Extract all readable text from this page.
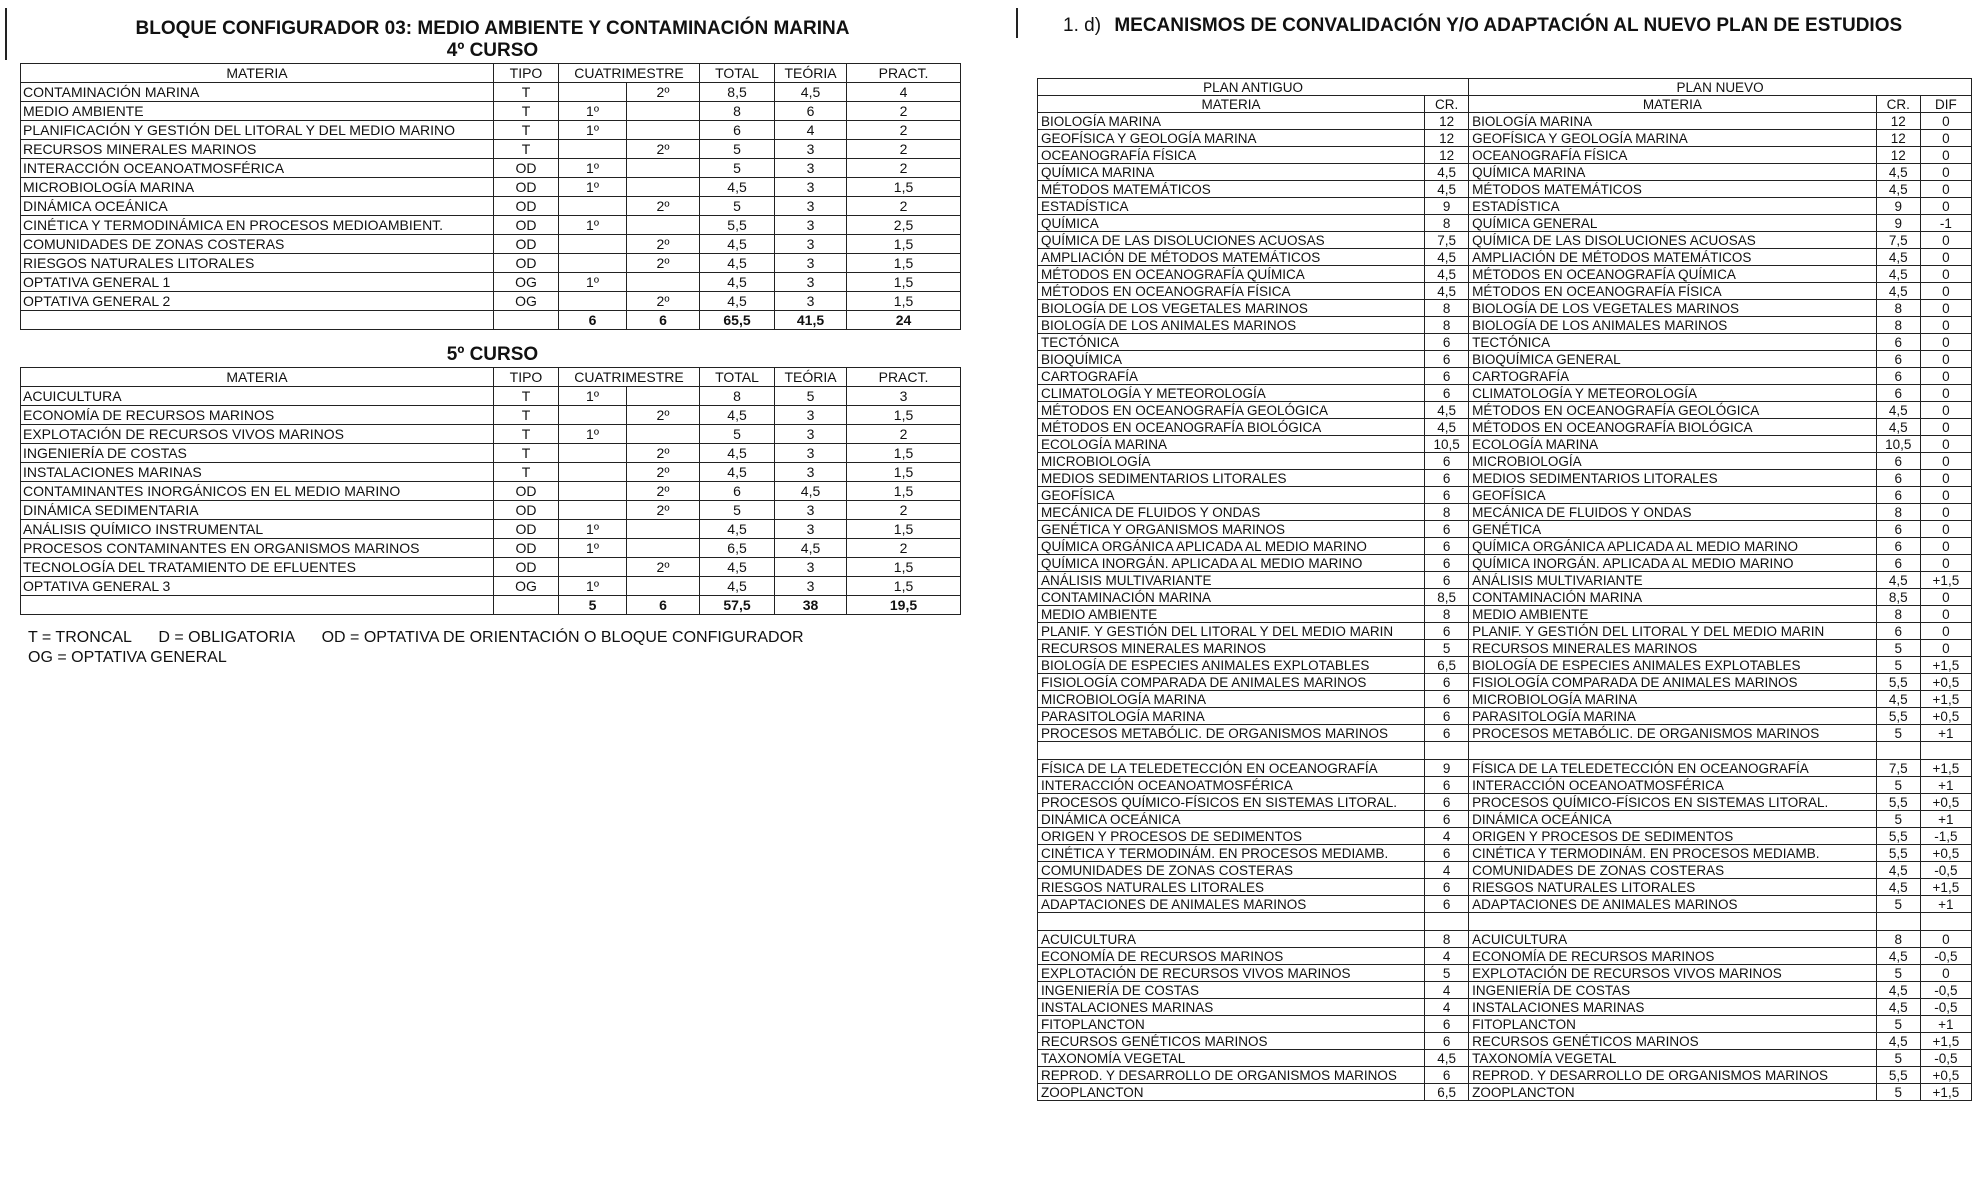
BLOQUE CONFIGURADOR 03: MEDIO AMBIENTE Y CONTAMINACIÓN MARINA
4º CURSO
MATERIA	TIPO	CUATRIMESTRE		TOTAL	TEÓRIA	PRACT.
CONTAMINACIÓN MARINA	T		2º	8,5	4,5	4
MEDIO AMBIENTE	T	1º		8	6	2
PLANIFICACIÓN Y GESTIÓN DEL LITORAL Y DEL MEDIO MARINO	T	1º		6	4	2
RECURSOS MINERALES MARINOS	T		2º	5	3	2
INTERACCIÓN OCEANOATMOSFÉRICA	OD	1º		5	3	2
MICROBIOLOGÍA MARINA	OD	1º		4,5	3	1,5
DINÁMICA OCEÁNICA	OD		2º	5	3	2
CINÉTICA Y TERMODINÁMICA EN PROCESOS MEDIOAMBIENT.	OD	1º		5,5	3	2,5
COMUNIDADES DE ZONAS COSTERAS	OD		2º	4,5	3	1,5
RIESGOS NATURALES LITORALES	OD		2º	4,5	3	1,5
OPTATIVA GENERAL 1	OG	1º		4,5	3	1,5
OPTATIVA GENERAL 2	OG		2º	4,5	3	1,5
		6	6	65,5	41,5	24
5º CURSO
MATERIA	TIPO	CUATRIMESTRE		TOTAL	TEÓRIA	PRACT.
ACUICULTURA	T	1º		8	5	3
ECONOMÍA DE RECURSOS MARINOS	T		2º	4,5	3	1,5
EXPLOTACIÓN DE RECURSOS VIVOS MARINOS	T	1º		5	3	2
INGENIERÍA DE COSTAS	T		2º	4,5	3	1,5
INSTALACIONES MARINAS	T		2º	4,5	3	1,5
CONTAMINANTES INORGÁNICOS EN EL MEDIO MARINO	OD		2º	6	4,5	1,5
DINÁMICA SEDIMENTARIA	OD		2º	5	3	2
ANÁLISIS QUÍMICO INSTRUMENTAL	OD	1º		4,5	3	1,5
PROCESOS CONTAMINANTES EN ORGANISMOS MARINOS	OD	1º		6,5	4,5	2
TECNOLOGÍA DEL TRATAMIENTO DE EFLUENTES	OD		2º	4,5	3	1,5
OPTATIVA GENERAL 3	OG	1º		4,5	3	1,5
		5	6	57,5	38	19,5
T = TRONCAL D = OBLIGATORIA OD = OPTATIVA DE ORIENTACIÓN O BLOQUE CONFIGURADOR
OG = OPTATIVA GENERAL
1. d) MECANISMOS DE CONVALIDACIÓN Y/O ADAPTACIÓN AL NUEVO PLAN DE ESTUDIOS
PLAN ANTIGUO		PLAN NUEVO		
MATERIA	CR.	MATERIA	CR.	DIF
BIOLOGÍA MARINA	12	BIOLOGÍA MARINA	12	0
GEOFÍSICA Y GEOLOGÍA MARINA	12	GEOFÍSICA Y GEOLOGÍA MARINA	12	0
OCEANOGRAFÍA FÍSICA	12	OCEANOGRAFÍA FÍSICA	12	0
QUÍMICA MARINA	4,5	QUÍMICA MARINA	4,5	0
MÉTODOS MATEMÁTICOS	4,5	MÉTODOS MATEMÁTICOS	4,5	0
ESTADÍSTICA	9	ESTADÍSTICA	9	0
QUÍMICA	8	QUÍMICA GENERAL	9	-1
QUÍMICA DE LAS DISOLUCIONES ACUOSAS	7,5	QUÍMICA DE LAS DISOLUCIONES ACUOSAS	7,5	0
AMPLIACIÓN DE MÉTODOS MATEMÁTICOS	4,5	AMPLIACIÓN DE MÉTODOS MATEMÁTICOS	4,5	0
MÉTODOS EN OCEANOGRAFÍA QUÍMICA	4,5	MÉTODOS EN OCEANOGRAFÍA QUÍMICA	4,5	0
MÉTODOS EN OCEANOGRAFÍA FÍSICA	4,5	MÉTODOS EN OCEANOGRAFÍA FÍSICA	4,5	0
BIOLOGÍA DE LOS VEGETALES MARINOS	8	BIOLOGÍA DE LOS VEGETALES MARINOS	8	0
BIOLOGÍA DE LOS ANIMALES MARINOS	8	BIOLOGÍA DE LOS ANIMALES MARINOS	8	0
TECTÓNICA	6	TECTÓNICA	6	0
BIOQUÍMICA	6	BIOQUÍMICA GENERAL	6	0
CARTOGRAFÍA	6	CARTOGRAFÍA	6	0
CLIMATOLOGÍA Y METEOROLOGÍA	6	CLIMATOLOGÍA Y METEOROLOGÍA	6	0
MÉTODOS EN OCEANOGRAFÍA GEOLÓGICA	4,5	MÉTODOS EN OCEANOGRAFÍA GEOLÓGICA	4,5	0
MÉTODOS EN OCEANOGRAFÍA BIOLÓGICA	4,5	MÉTODOS EN OCEANOGRAFÍA BIOLÓGICA	4,5	0
ECOLOGÍA MARINA	10,5	ECOLOGÍA MARINA	10,5	0
MICROBIOLOGÍA	6	MICROBIOLOGÍA	6	0
MEDIOS SEDIMENTARIOS LITORALES	6	MEDIOS SEDIMENTARIOS LITORALES	6	0
GEOFÍSICA	6	GEOFÍSICA	6	0
MECÁNICA DE FLUIDOS Y ONDAS	8	MECÁNICA DE FLUIDOS Y ONDAS	8	0
GENÉTICA Y ORGANISMOS MARINOS	6	GENÉTICA	6	0
QUÍMICA ORGÁNICA APLICADA AL MEDIO MARINO	6	QUÍMICA ORGÁNICA APLICADA AL MEDIO MARINO	6	0
QUÍMICA INORGÁN. APLICADA AL MEDIO MARINO	6	QUÍMICA INORGÁN. APLICADA AL MEDIO MARINO	6	0
ANÁLISIS MULTIVARIANTE	6	ANÁLISIS MULTIVARIANTE	4,5	+1,5
CONTAMINACIÓN MARINA	8,5	CONTAMINACIÓN MARINA	8,5	0
MEDIO AMBIENTE	8	MEDIO AMBIENTE	8	0
PLANIF. Y GESTIÓN DEL LITORAL Y DEL MEDIO MARIN	6	PLANIF. Y GESTIÓN DEL LITORAL Y DEL MEDIO MARIN	6	0
RECURSOS MINERALES MARINOS	5	RECURSOS MINERALES MARINOS	5	0
BIOLOGÍA DE ESPECIES ANIMALES EXPLOTABLES	6,5	BIOLOGÍA DE ESPECIES ANIMALES EXPLOTABLES	5	+1,5
FISIOLOGÍA COMPARADA DE ANIMALES MARINOS	6	FISIOLOGÍA COMPARADA DE ANIMALES MARINOS	5,5	+0,5
MICROBIOLOGÍA MARINA	6	MICROBIOLOGÍA MARINA	4,5	+1,5
PARASITOLOGÍA MARINA	6	PARASITOLOGÍA MARINA	5,5	+0,5
PROCESOS METABÓLIC. DE ORGANISMOS MARINOS	6	PROCESOS METABÓLIC. DE ORGANISMOS MARINOS	5	+1

FÍSICA DE LA TELEDETECCIÓN EN OCEANOGRAFÍA	9	FÍSICA DE LA TELEDETECCIÓN EN OCEANOGRAFÍA	7,5	+1,5
INTERACCIÓN OCEANOATMOSFÉRICA	6	INTERACCIÓN OCEANOATMOSFÉRICA	5	+1
PROCESOS QUÍMICO-FÍSICOS EN SISTEMAS LITORAL.	6	PROCESOS QUÍMICO-FÍSICOS EN SISTEMAS LITORAL.	5,5	+0,5
DINÁMICA OCEÁNICA	6	DINÁMICA OCEÁNICA	5	+1
ORIGEN Y PROCESOS DE SEDIMENTOS	4	ORIGEN Y PROCESOS DE SEDIMENTOS	5,5	-1,5
CINÉTICA Y TERMODINÁM. EN PROCESOS MEDIAMB.	6	CINÉTICA Y TERMODINÁM. EN PROCESOS MEDIAMB.	5,5	+0,5
COMUNIDADES DE ZONAS COSTERAS	4	COMUNIDADES DE ZONAS COSTERAS	4,5	-0,5
RIESGOS NATURALES LITORALES	6	RIESGOS NATURALES LITORALES	4,5	+1,5
ADAPTACIONES DE ANIMALES MARINOS	6	ADAPTACIONES DE ANIMALES MARINOS	5	+1

ACUICULTURA	8	ACUICULTURA	8	0
ECONOMÍA DE RECURSOS MARINOS	4	ECONOMÍA DE RECURSOS MARINOS	4,5	-0,5
EXPLOTACIÓN DE RECURSOS VIVOS MARINOS	5	EXPLOTACIÓN DE RECURSOS VIVOS MARINOS	5	0
INGENIERÍA DE COSTAS	4	INGENIERÍA DE COSTAS	4,5	-0,5
INSTALACIONES MARINAS	4	INSTALACIONES MARINAS	4,5	-0,5
FITOPLANCTON	6	FITOPLANCTON	5	+1
RECURSOS GENÉTICOS MARINOS	6	RECURSOS GENÉTICOS MARINOS	4,5	+1,5
TAXONOMÍA VEGETAL	4,5	TAXONOMÍA VEGETAL	5	-0,5
REPROD. Y DESARROLLO DE ORGANISMOS MARINOS	6	REPROD. Y DESARROLLO DE ORGANISMOS MARINOS	5,5	+0,5
ZOOPLANCTON	6,5	ZOOPLANCTON	5	+1,5
